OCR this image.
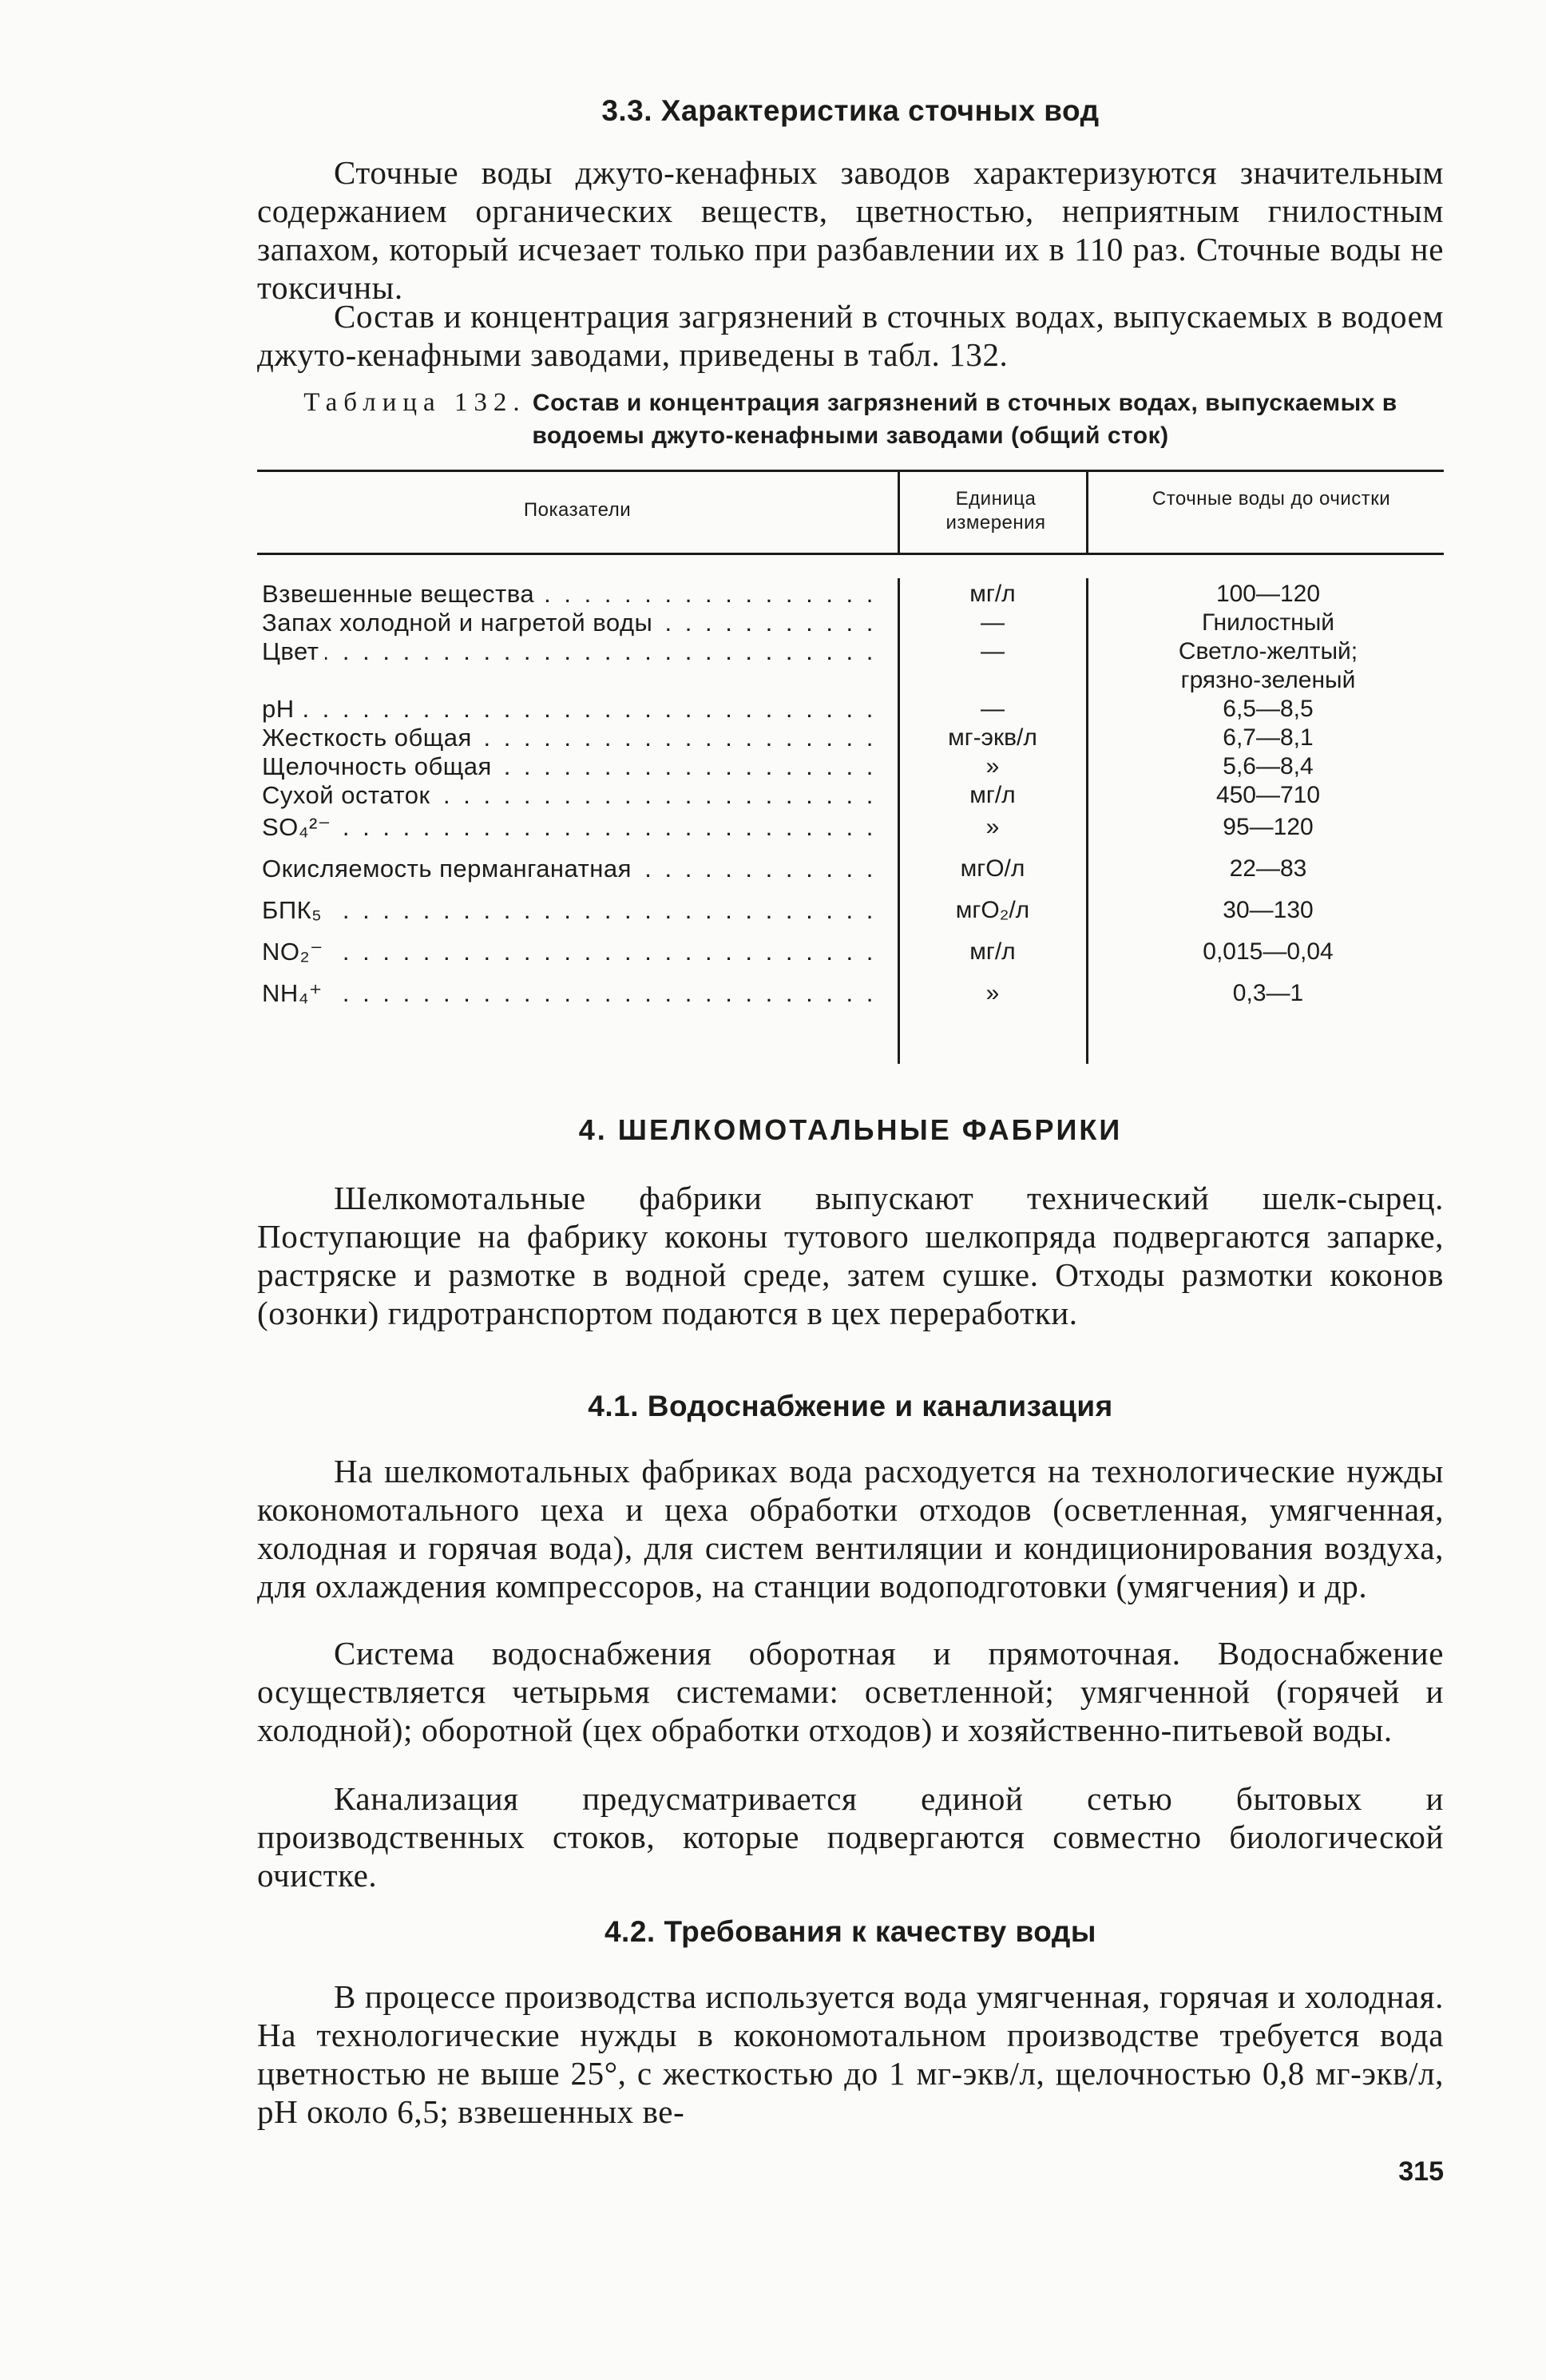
3.3. Характеристика сточных вод

Сточные воды джуто-кенафных заводов характеризуются значительным содержанием органических веществ, цветностью, неприятным гнилостным запахом, который исчезает только при разбавлении их в 110 раз. Сточные воды не токсичны.

Состав и концентрация загрязнений в сточных водах, выпускаемых в водоем джуто-кенафными заводами, приведены в табл. 132.

Таблица 132. Состав и концентрация загрязнений в сточных водах, выпускаемых в водоемы джуто-кенафными заводами (общий сток)
Показатели
Единица измерения
Сточные воды до очистки
Взвешенные вещества . . .	мг/л	100—120
Запах холодной и нагретой воды . . .	—	Гнилостный
Цвет . . .	—	Светло-желтый;
грязно-зеленый
pH . . .	—	6,5—8,5
Жесткость общая . . .	мг-экв/л	6,7—8,1
Щелочность общая . . .	»	5,6—8,4
Сухой остаток . . .	мг/л	450—710
SO₄²⁻ . . .	»	95—120
Окисляемость перманганатная . . .	мгО/л	22—83
БПК₅ . . .	мгО₂/л	30—130
NO₂⁻ . . .	мг/л	0,015—0,04
NH₄⁺ . . .	»	0,3—1
4. ШЕЛКОМОТАЛЬНЫЕ ФАБРИКИ

Шелкомотальные фабрики выпускают технический шелк-сырец. Поступающие на фабрику коконы тутового шелкопряда подвергаются запарке, растряске и размотке в водной среде, затем сушке. Отходы размотки коконов (озонки) гидротранспортом подаются в цех переработки.

4.1. Водоснабжение и канализация

На шелкомотальных фабриках вода расходуется на технологические нужды кокономотального цеха и цеха обработки отходов (осветленная, умягченная, холодная и горячая вода), для систем вентиляции и кондиционирования воздуха, для охлаждения компрессоров, на станции водоподготовки (умягчения) и др.

Система водоснабжения оборотная и прямоточная. Водоснабжение осуществляется четырьмя системами: осветленной; умягченной (горячей и холодной); оборотной (цех обработки отходов) и хозяйственно-питьевой воды.

Канализация предусматривается единой сетью бытовых и производственных стоков, которые подвергаются совместно биологической очистке.

4.2. Требования к качеству воды

В процессе производства используется вода умягченная, горячая и холодная. На технологические нужды в кокономотальном производстве требуется вода цветностью не выше 25°, с жесткостью до 1 мг-экв/л, щелочностью 0,8 мг-экв/л, pH около 6,5; взвешенных ве-

315
